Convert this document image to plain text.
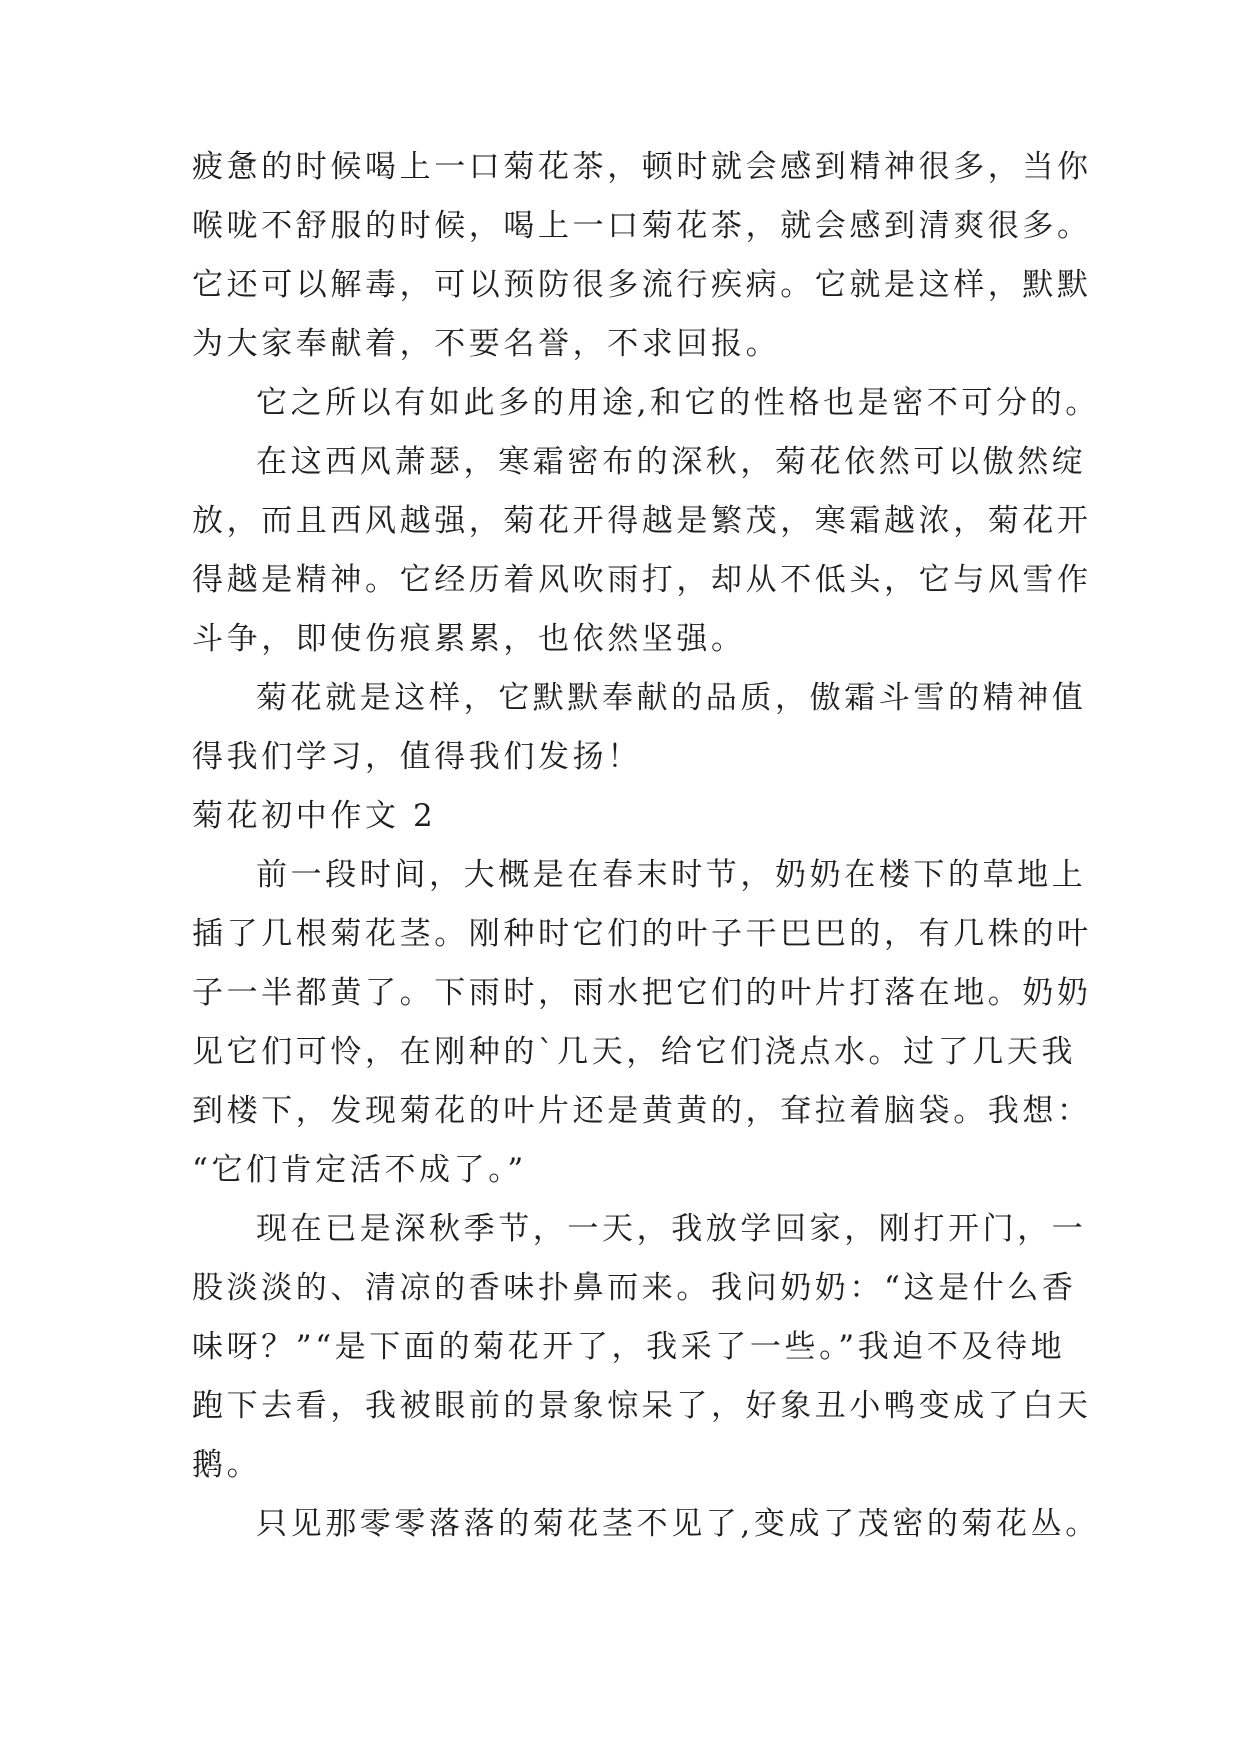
疲惫的时候喝上一口菊花茶，顿时就会感到精神很多，当你
喉咙不舒服的时候，喝上一口菊花茶，就会感到清爽很多。
它还可以解毒，可以预防很多流行疾病。它就是这样，默默
为大家奉献着，不要名誉，不求回报。
它之所以有如此多的用途,和它的性格也是密不可分的。
在这西风萧瑟，寒霜密布的深秋，菊花依然可以傲然绽
放，而且西风越强，菊花开得越是繁茂，寒霜越浓，菊花开
得越是精神。它经历着风吹雨打，却从不低头，它与风雪作
斗争，即使伤痕累累，也依然坚强。
菊花就是这样，它默默奉献的品质，傲霜斗雪的精神值
得我们学习，值得我们发扬！
菊花初中作文 2
前一段时间，大概是在春末时节，奶奶在楼下的草地上
插了几根菊花茎。刚种时它们的叶子干巴巴的，有几株的叶
子一半都黄了。下雨时，雨水把它们的叶片打落在地。奶奶
见它们可怜，在刚种的`几天，给它们浇点水。过了几天我
到楼下，发现菊花的叶片还是黄黄的，耷拉着脑袋。我想：
“它们肯定活不成了。”
现在已是深秋季节，一天，我放学回家，刚打开门，一
股淡淡的、清凉的香味扑鼻而来。我问奶奶：“这是什么香
味呀？”“是下面的菊花开了，我采了一些。”我迫不及待地
跑下去看，我被眼前的景象惊呆了，好象丑小鸭变成了白天
鹅。
只见那零零落落的菊花茎不见了,变成了茂密的菊花丛。
